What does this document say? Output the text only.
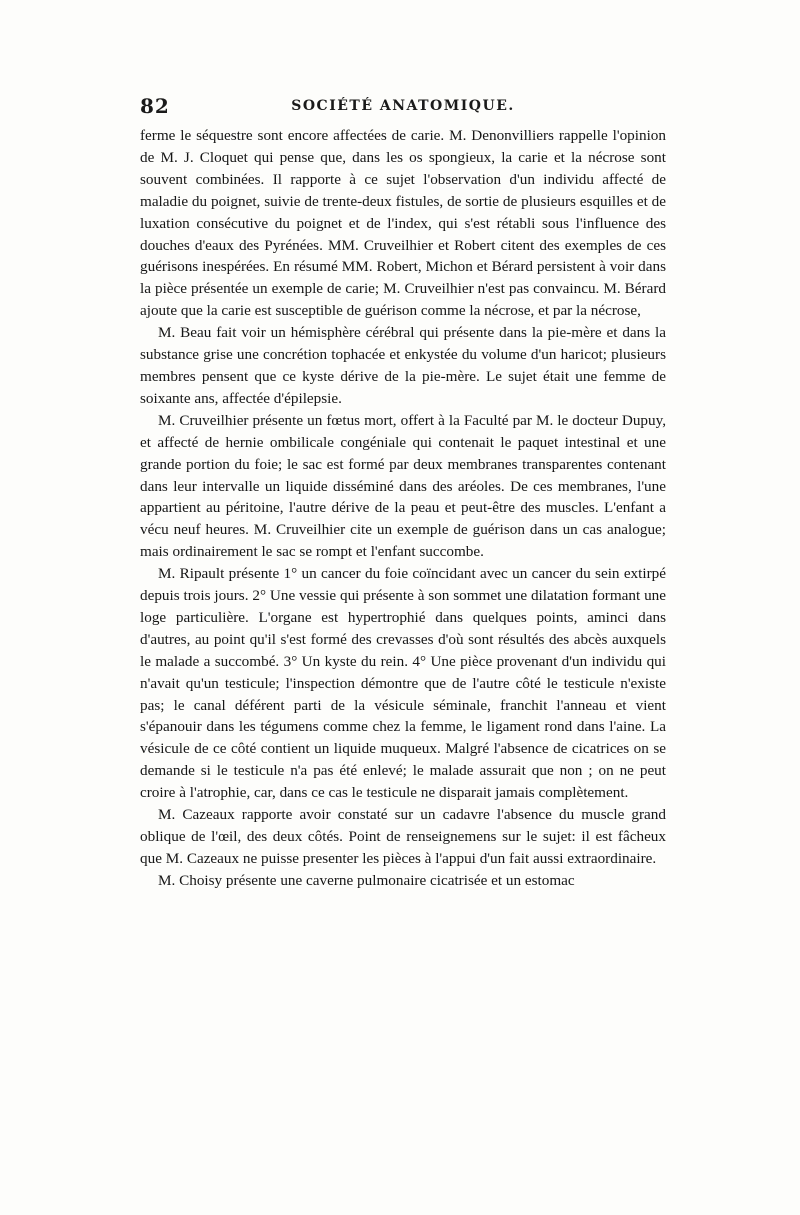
82	SOCIÉTÉ ANATOMIQUE.

ferme le séquestre sont encore affectées de carie. M. Denonvilliers rappelle l'opinion de M. J. Cloquet qui pense que, dans les os spongieux, la carie et la nécrose sont souvent combinées. Il rapporte à ce sujet l'observation d'un individu affecté de maladie du poignet, suivie de trente-deux fistules, de sortie de plusieurs esquilles et de luxation consécutive du poignet et de l'index, qui s'est rétabli sous l'influence des douches d'eaux des Pyrénées. MM. Cruveilhier et Robert citent des exemples de ces guérisons inespérées. En résumé MM. Robert, Michon et Bérard persistent à voir dans la pièce présentée un exemple de carie; M. Cruveilhier n'est pas convaincu. M. Bérard ajoute que la carie est susceptible de guérison comme la nécrose, et par la nécrose,

M. Beau fait voir un hémisphère cérébral qui présente dans la pie-mère et dans la substance grise une concrétion tophacée et enkystée du volume d'un haricot; plusieurs membres pensent que ce kyste dérive de la pie-mère. Le sujet était une femme de soixante ans, affectée d'épilepsie.

M. Cruveilhier présente un fœtus mort, offert à la Faculté par M. le docteur Dupuy, et affecté de hernie ombilicale congéniale qui contenait le paquet intestinal et une grande portion du foie; le sac est formé par deux membranes transparentes contenant dans leur intervalle un liquide disséminé dans des aréoles. De ces membranes, l'une appartient au péritoine, l'autre dérive de la peau et peut-être des muscles. L'enfant a vécu neuf heures. M. Cruveilhier cite un exemple de guérison dans un cas analogue; mais ordinairement le sac se rompt et l'enfant succombe.

M. Ripault présente 1° un cancer du foie coïncidant avec un cancer du sein extirpé depuis trois jours. 2° Une vessie qui présente à son sommet une dilatation formant une loge particulière. L'organe est hypertrophié dans quelques points, aminci dans d'autres, au point qu'il s'est formé des crevasses d'où sont résultés des abcès auxquels le malade a succombé. 3° Un kyste du rein. 4° Une pièce provenant d'un individu qui n'avait qu'un testicule; l'inspection démontre que de l'autre côté le testicule n'existe pas; le canal déférent parti de la vésicule séminale, franchit l'anneau et vient s'épanouir dans les tégumens comme chez la femme, le ligament rond dans l'aine. La vésicule de ce côté contient un liquide muqueux. Malgré l'absence de cicatrices on se demande si le testicule n'a pas été enlevé; le malade assurait que non ; on ne peut croire à l'atrophie, car, dans ce cas le testicule ne disparait jamais complètement.

M. Cazeaux rapporte avoir constaté sur un cadavre l'absence du muscle grand oblique de l'œil, des deux côtés. Point de renseignemens sur le sujet: il est fâcheux que M. Cazeaux ne puisse presenter les pièces à l'appui d'un fait aussi extraordinaire.

M. Choisy présente une caverne pulmonaire cicatrisée et un estomac
